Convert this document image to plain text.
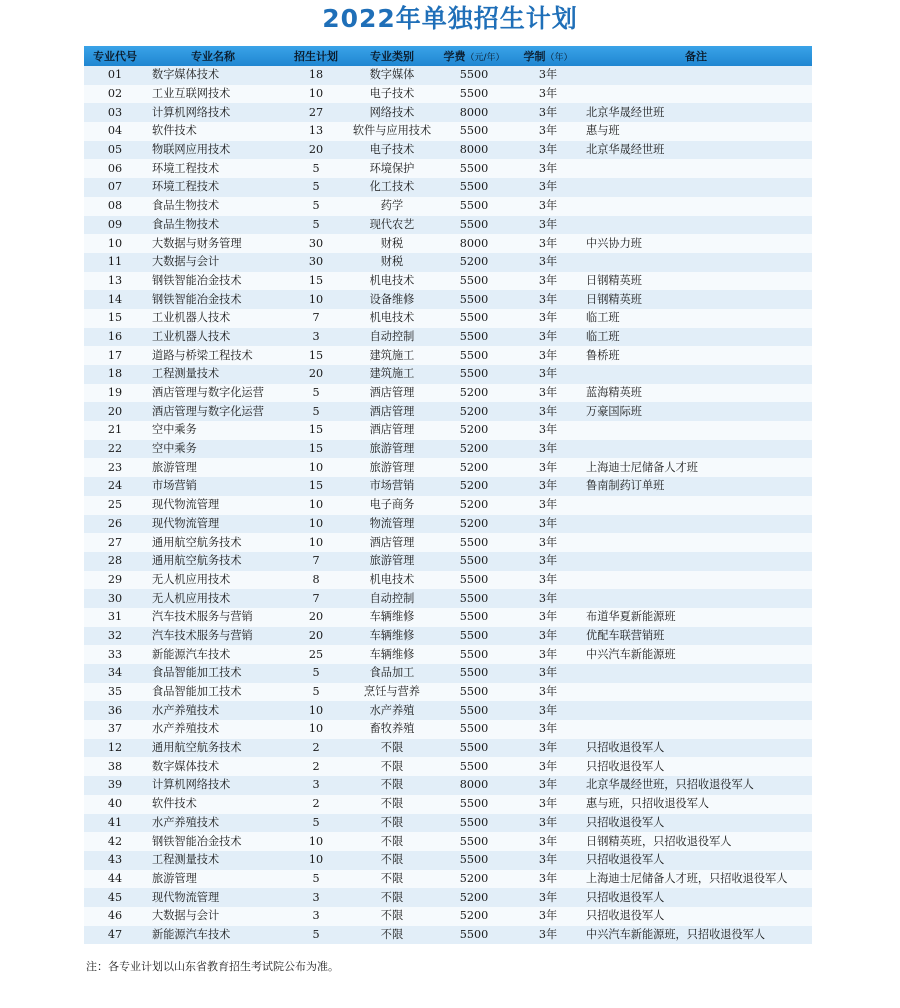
2022年单独招生计划
专业代号	专业名称	招生计划	专业类别	学费（元/年）	学制（年）	备注
01	数字媒体技术	18	数字媒体	5500	3年	
02	工业互联网技术	10	电子技术	5500	3年	
03	计算机网络技术	27	网络技术	8000	3年	北京华晟经世班
04	软件技术	13	软件与应用技术	5500	3年	惠与班
05	物联网应用技术	20	电子技术	8000	3年	北京华晟经世班
06	环境工程技术	5	环境保护	5500	3年	
07	环境工程技术	5	化工技术	5500	3年	
08	食品生物技术	5	药学	5500	3年	
09	食品生物技术	5	现代农艺	5500	3年	
10	大数据与财务管理	30	财税	8000	3年	中兴协力班
11	大数据与会计	30	财税	5200	3年	
13	钢铁智能冶金技术	15	机电技术	5500	3年	日钢精英班
14	钢铁智能冶金技术	10	设备维修	5500	3年	日钢精英班
15	工业机器人技术	7	机电技术	5500	3年	临工班
16	工业机器人技术	3	自动控制	5500	3年	临工班
17	道路与桥梁工程技术	15	建筑施工	5500	3年	鲁桥班
18	工程测量技术	20	建筑施工	5500	3年	
19	酒店管理与数字化运营	5	酒店管理	5200	3年	蓝海精英班
20	酒店管理与数字化运营	5	酒店管理	5200	3年	万豪国际班
21	空中乘务	15	酒店管理	5200	3年	
22	空中乘务	15	旅游管理	5200	3年	
23	旅游管理	10	旅游管理	5200	3年	上海迪士尼储备人才班
24	市场营销	15	市场营销	5200	3年	鲁南制药订单班
25	现代物流管理	10	电子商务	5200	3年	
26	现代物流管理	10	物流管理	5200	3年	
27	通用航空航务技术	10	酒店管理	5500	3年	
28	通用航空航务技术	7	旅游管理	5500	3年	
29	无人机应用技术	8	机电技术	5500	3年	
30	无人机应用技术	7	自动控制	5500	3年	
31	汽车技术服务与营销	20	车辆维修	5500	3年	布道华夏新能源班
32	汽车技术服务与营销	20	车辆维修	5500	3年	优配车联营销班
33	新能源汽车技术	25	车辆维修	5500	3年	中兴汽车新能源班
34	食品智能加工技术	5	食品加工	5500	3年	
35	食品智能加工技术	5	烹饪与营养	5500	3年	
36	水产养殖技术	10	水产养殖	5500	3年	
37	水产养殖技术	10	畜牧养殖	5500	3年	
12	通用航空航务技术	2	不限	5500	3年	只招收退役军人
38	数字媒体技术	2	不限	5500	3年	只招收退役军人
39	计算机网络技术	3	不限	8000	3年	北京华晟经世班，只招收退役军人
40	软件技术	2	不限	5500	3年	惠与班，只招收退役军人
41	水产养殖技术	5	不限	5500	3年	只招收退役军人
42	钢铁智能冶金技术	10	不限	5500	3年	日钢精英班，只招收退役军人
43	工程测量技术	10	不限	5500	3年	只招收退役军人
44	旅游管理	5	不限	5200	3年	上海迪士尼储备人才班，只招收退役军人
45	现代物流管理	3	不限	5200	3年	只招收退役军人
46	大数据与会计	3	不限	5200	3年	只招收退役军人
47	新能源汽车技术	5	不限	5500	3年	中兴汽车新能源班，只招收退役军人
注：各专业计划以山东省教育招生考试院公布为准。
